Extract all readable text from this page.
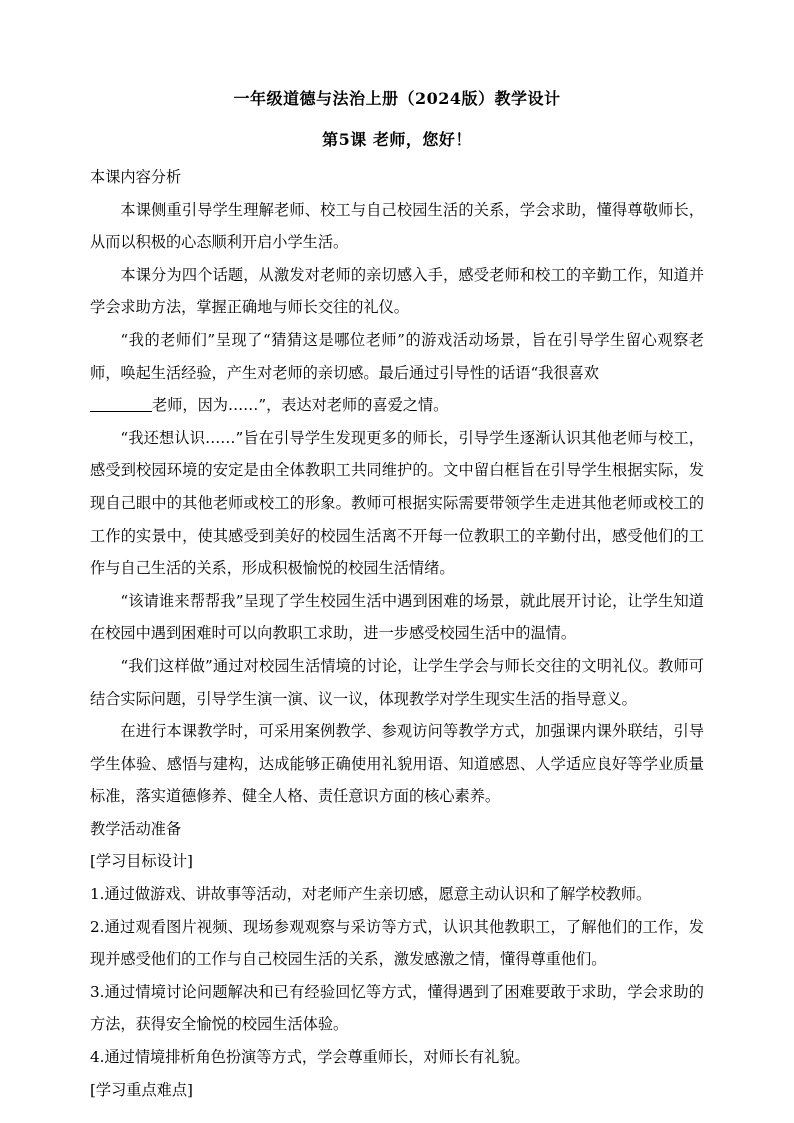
一年级道德与法治上册（2024版）教学设计
第5课 老师，您好！

本课内容分析

本课侧重引导学生理解老师、校工与自己校园生活的关系，学会求助，懂得尊敬师长，从而以积极的心态顺利开启小学生活。

本课分为四个话题，从激发对老师的亲切感入手，感受老师和校工的辛勤工作，知道并学会求助方法，掌握正确地与师长交往的礼仪。

“我的老师们”呈现了“猜猜这是哪位老师”的游戏活动场景，旨在引导学生留心观察老师，唤起生活经验，产生对老师的亲切感。最后通过引导性的话语“我很喜欢
老师，因为……”，表达对老师的喜爱之情。

“我还想认识……”旨在引导学生发现更多的师长，引导学生逐渐认识其他老师与校工，感受到校园环境的安定是由全体教职工共同维护的。文中留白框旨在引导学生根据实际，发现自己眼中的其他老师或校工的形象。教师可根据实际需要带领学生走进其他老师或校工的工作的实景中，使其感受到美好的校园生活离不开每一位教职工的辛勤付出，感受他们的工作与自己生活的关系，形成积极愉悦的校园生活情绪。

“该请谁来帮帮我”呈现了学生校园生活中遇到困难的场景，就此展开讨论，让学生知道在校园中遇到困难时可以向教职工求助，进一步感受校园生活中的温情。

“我们这样做”通过对校园生活情境的讨论，让学生学会与师长交往的文明礼仪。教师可结合实际问题，引导学生演一演、议一议，体现教学对学生现实生活的指导意义。

在进行本课教学时，可采用案例教学、参观访问等教学方式，加强课内课外联结，引导学生体验、感悟与建构，达成能够正确使用礼貌用语、知道感恩、人学适应良好等学业质量标准，落实道德修养、健全人格、责任意识方面的核心素养。

教学活动准备

[学习目标设计]

1.通过做游戏、讲故事等活动，对老师产生亲切感，愿意主动认识和了解学校教师。

2.通过观看图片视频、现场参观观察与采访等方式，认识其他教职工，了解他们的工作，发现并感受他们的工作与自己校园生活的关系，激发感激之情，懂得尊重他们。

3.通过情境讨论问题解决和已有经验回忆等方式，懂得遇到了困难要敢于求助，学会求助的方法，获得安全愉悦的校园生活体验。

4.通过情境排析角色扮演等方式，学会尊重师长，对师长有礼貌。

[学习重点难点]
